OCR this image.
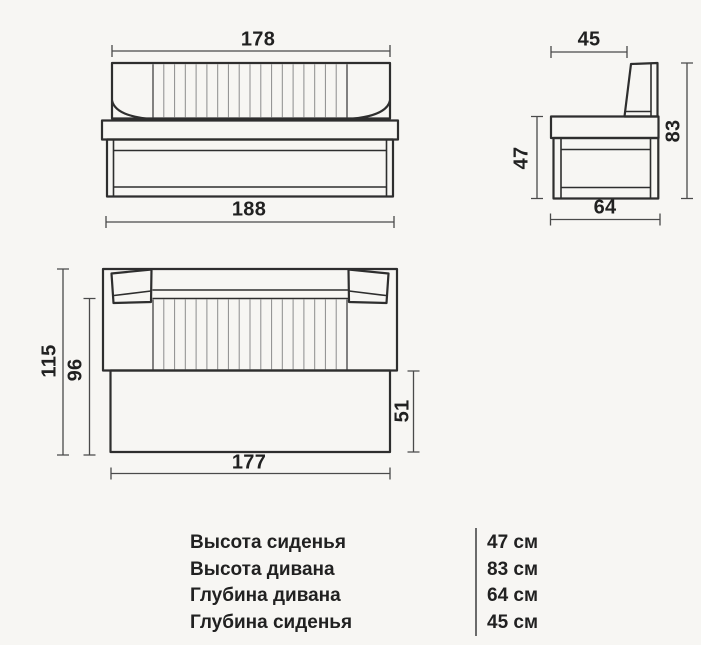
178
188
45
47
83
64
115 96
51
177
Высота сиденья	47 см
Высота дивана	83 см
Глубина дивана	64 см
Глубина сиденья	45 см
